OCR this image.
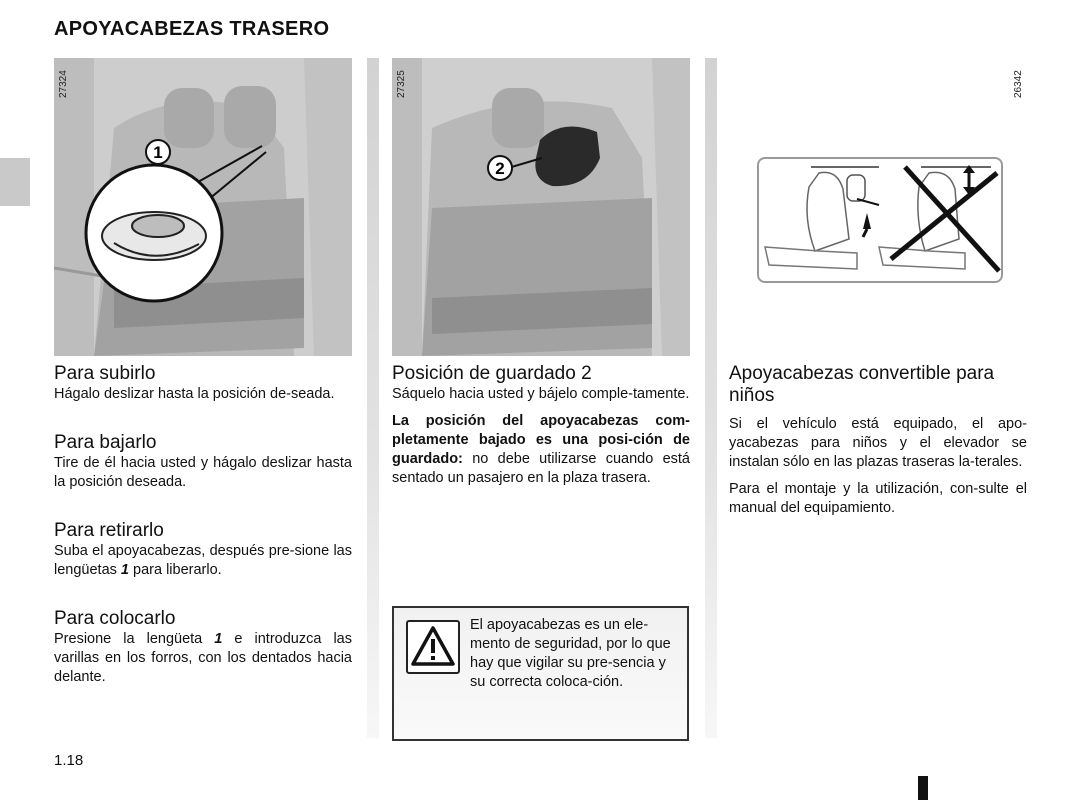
APOYACABEZAS TRASERO
1
27324
2
27325	26342
Para subirlo

Hágalo deslizar hasta la posición de-seada.

Para bajarlo

Tire de él hacia usted y hágalo deslizar hasta la posición deseada.

Para retirarlo

Suba el apoyacabezas, después pre-sione las lengüetas 1 para liberarlo.

Para colocarlo

Presione la lengüeta 1 e introduzca las varillas en los forros, con los dentados hacia delante.

Posición de guardado 2

Sáquelo hacia usted y bájelo comple-tamente.

La posición del apoyacabezas com-pletamente bajado es una posi-ción de guardado: no debe utilizarse cuando está sentado un pasajero en la plaza trasera.

El apoyacabezas es un ele-mento de seguridad, por lo que hay que vigilar su pre-sencia y su correcta coloca-ción.
Apoyacabezas convertible para niños

Si el vehículo está equipado, el apo-yacabezas para niños y el elevador se instalan sólo en las plazas traseras la-terales.

Para el montaje y la utilización, con-sulte el manual del equipamiento.

1.18
